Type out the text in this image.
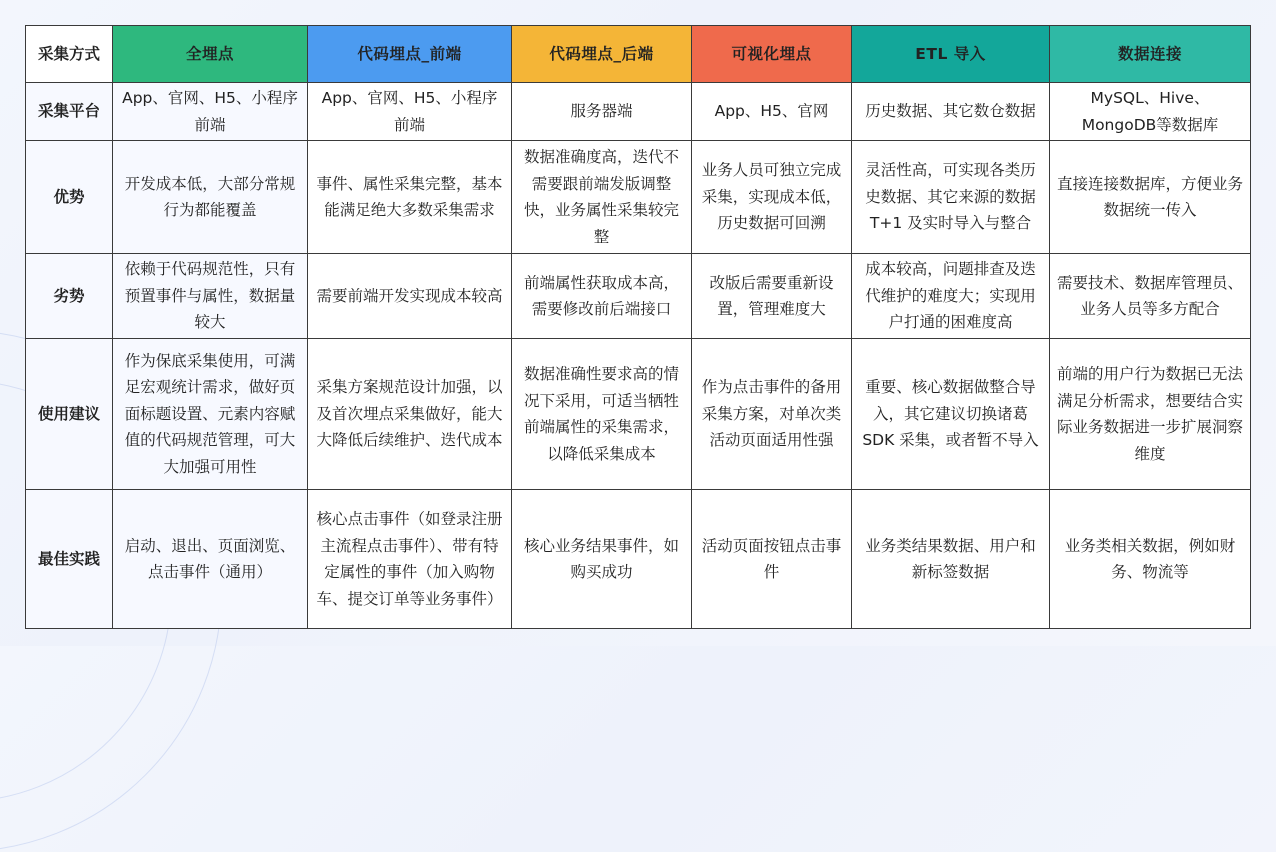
采集方式	全埋点	代码埋点_前端	代码埋点_后端	可视化埋点	ETL 导入	数据连接
采集平台	App、官网、H5、小程序前端	App、官网、H5、小程序前端	服务器端	App、H5、官网	历史数据、其它数仓数据	MySQL、Hive、MongoDB等数据库
优势	开发成本低，大部分常规行为都能覆盖	事件、属性采集完整，基本能满足绝大多数采集需求	数据准确度高，迭代不需要跟前端发版调整快，业务属性采集较完整	业务人员可独立完成采集，实现成本低，历史数据可回溯	灵活性高，可实现各类历史数据、其它来源的数据 T+1 及实时导入与整合	直接连接数据库，方便业务数据统一传入
劣势	依赖于代码规范性，只有预置事件与属性，数据量较大	需要前端开发实现成本较高	前端属性获取成本高，需要修改前后端接口	改版后需要重新设置，管理难度大	成本较高，问题排查及迭代维护的难度大；实现用户打通的困难度高	需要技术、数据库管理员、业务人员等多方配合
使用建议	作为保底采集使用，可满足宏观统计需求，做好页面标题设置、元素内容赋值的代码规范管理，可大大加强可用性	采集方案规范设计加强，以及首次埋点采集做好，能大大降低后续维护、迭代成本	数据准确性要求高的情况下采用，可适当牺牲前端属性的采集需求，以降低采集成本	作为点击事件的备用采集方案，对单次类活动页面适用性强	重要、核心数据做整合导入，其它建议切换诸葛SDK 采集，或者暂不导入	前端的用户行为数据已无法满足分析需求，想要结合实际业务数据进一步扩展洞察维度
最佳实践	启动、退出、页面浏览、点击事件（通用）	核心点击事件（如登录注册主流程点击事件）、带有特定属性的事件（加入购物车、提交订单等业务事件）	核心业务结果事件，如购买成功	活动页面按钮点击事件	业务类结果数据、用户和新标签数据	业务类相关数据，例如财务、物流等
